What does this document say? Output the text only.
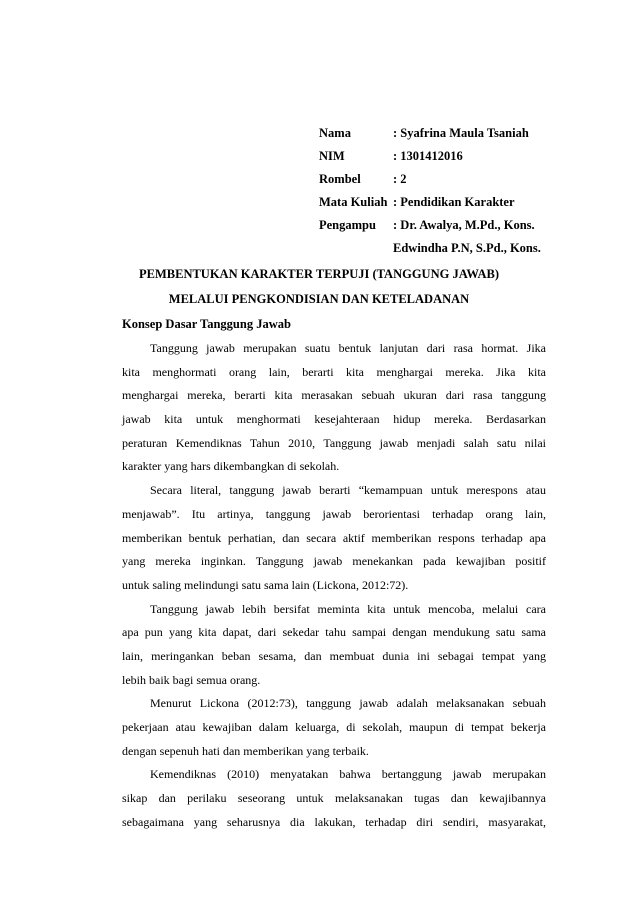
Nama	: Syafrina Maula Tsaniah
NIM	: 1301412016
Rombel	: 2
Mata Kuliah : Pendidikan Karakter
Pengampu	: Dr. Awalya, M.Pd., Kons.
Edwindha P.N, S.Pd., Kons.
PEMBENTUKAN KARAKTER TERPUJI (TANGGUNG JAWAB)
MELALUI PENGKONDISIAN DAN KETELADANAN
Konsep Dasar Tanggung Jawab
Tanggung jawab merupakan suatu bentuk lanjutan dari rasa hormat. Jika
kita menghormati orang lain, berarti kita menghargai mereka. Jika kita
menghargai mereka, berarti kita merasakan sebuah ukuran dari rasa tanggung
jawab kita untuk menghormati kesejahteraan hidup mereka. Berdasarkan
peraturan Kemendiknas Tahun 2010, Tanggung jawab menjadi salah satu nilai
karakter yang hars dikembangkan di sekolah.
Secara literal, tanggung jawab berarti “kemampuan untuk merespons atau
menjawab”. Itu artinya, tanggung jawab berorientasi terhadap orang lain,
memberikan bentuk perhatian, dan secara aktif memberikan respons terhadap apa
yang mereka inginkan. Tanggung jawab menekankan pada kewajiban positif
untuk saling melindungi satu sama lain (Lickona, 2012:72).
Tanggung jawab lebih bersifat meminta kita untuk mencoba, melalui cara
apa pun yang kita dapat, dari sekedar tahu sampai dengan mendukung satu sama
lain, meringankan beban sesama, dan membuat dunia ini sebagai tempat yang
lebih baik bagi semua orang.
Menurut Lickona (2012:73), tanggung jawab adalah melaksanakan sebuah
pekerjaan atau kewajiban dalam keluarga, di sekolah, maupun di tempat bekerja
dengan sepenuh hati dan memberikan yang terbaik.
Kemendiknas (2010) menyatakan bahwa bertanggung jawab merupakan
sikap dan perilaku seseorang untuk melaksanakan tugas dan kewajibannya
sebagaimana yang seharusnya dia lakukan, terhadap diri sendiri, masyarakat,
